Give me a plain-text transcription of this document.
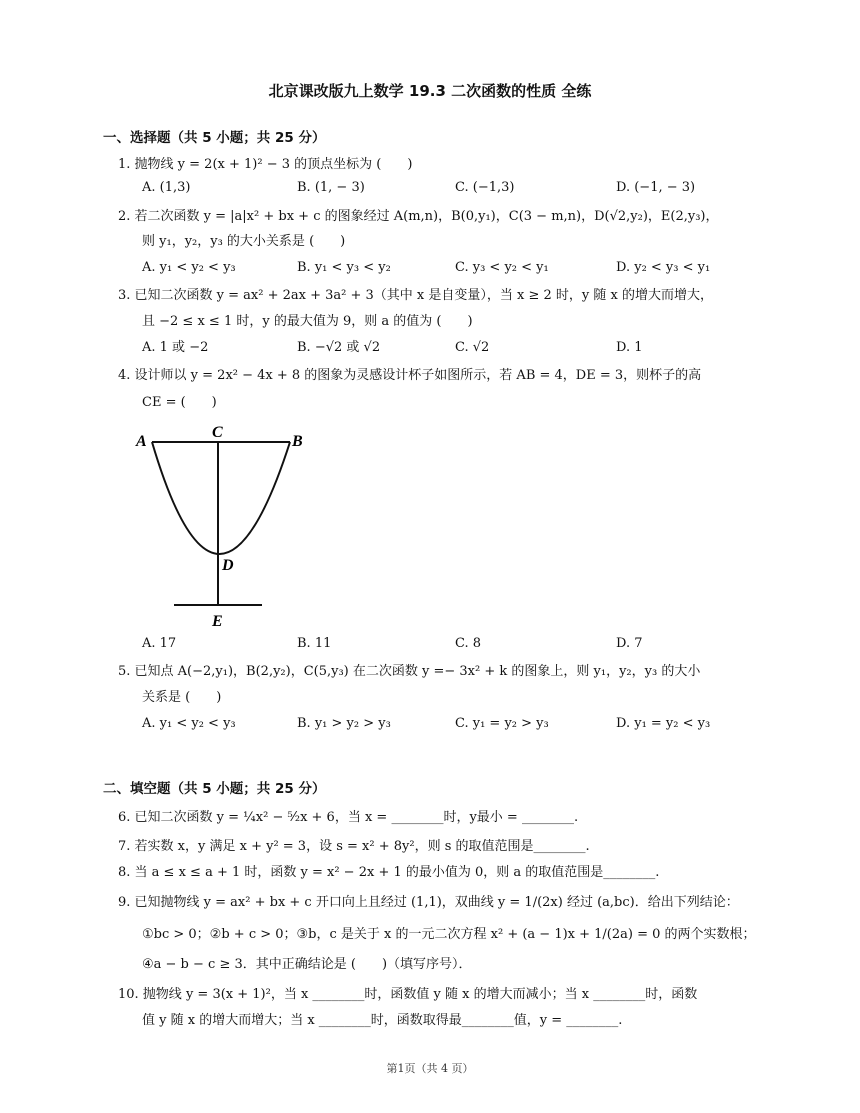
北京课改版九上数学 19.3 二次函数的性质 全练
一、选择题（共 5 小题；共 25 分）
1. 抛物线 y = 2(x + 1)² − 3 的顶点坐标为 (　　)
A. (1,3)	B. (1, − 3)	C. (−1,3)	D. (−1, − 3)
2. 若二次函数 y = |a|x² + bx + c 的图象经过 A(m,n)，B(0,y₁)，C(3 − m,n)，D(√2,y₂)，E(2,y₃)，
则 y₁，y₂，y₃ 的大小关系是 (　　)
A. y₁ < y₂ < y₃	B. y₁ < y₃ < y₂	C. y₃ < y₂ < y₁	D. y₂ < y₃ < y₁
3. 已知二次函数 y = ax² + 2ax + 3a² + 3（其中 x 是自变量），当 x ≥ 2 时，y 随 x 的增大而增大，
且 −2 ≤ x ≤ 1 时，y 的最大值为 9，则 a 的值为 (　　)
A. 1 或 −2	B. −√2 或 √2	C. √2	D. 1
4. 设计师以 y = 2x² − 4x + 8 的图象为灵感设计杯子如图所示，若 AB = 4，DE = 3，则杯子的高
CE = (　　)
A
C
B
D
E
A. 17	B. 11	C. 8	D. 7
5. 已知点 A(−2,y₁)，B(2,y₂)，C(5,y₃) 在二次函数 y =− 3x² + k 的图象上，则 y₁，y₂，y₃ 的大小
关系是 (　　)
A. y₁ < y₂ < y₃	B. y₁ > y₂ > y₃	C. y₁ = y₂ > y₃	D. y₁ = y₂ < y₃
二、填空题（共 5 小题；共 25 分）
6. 已知二次函数 y = ¼x² − ⁵⁄₂x + 6，当 x = ________时，y最小 = ________.
7. 若实数 x，y 满足 x + y² = 3，设 s = x² + 8y²，则 s 的取值范围是________.
8. 当 a ≤ x ≤ a + 1 时，函数 y = x² − 2x + 1 的最小值为 0，则 a 的取值范围是________.
9. 已知抛物线 y = ax² + bx + c 开口向上且经过 (1,1)，双曲线 y = 1/(2x) 经过 (a,bc)．给出下列结论：
①bc > 0；②b + c > 0；③b，c 是关于 x 的一元二次方程 x² + (a − 1)x + 1/(2a) = 0 的两个实数根；
④a − b − c ≥ 3．其中正确结论是 (　　)（填写序号）．
10. 抛物线 y = 3(x + 1)²，当 x ________时，函数值 y 随 x 的增大而减小；当 x ________时，函数
值 y 随 x 的增大而增大；当 x ________时，函数取得最________值，y = ________.
第1页（共 4 页）
